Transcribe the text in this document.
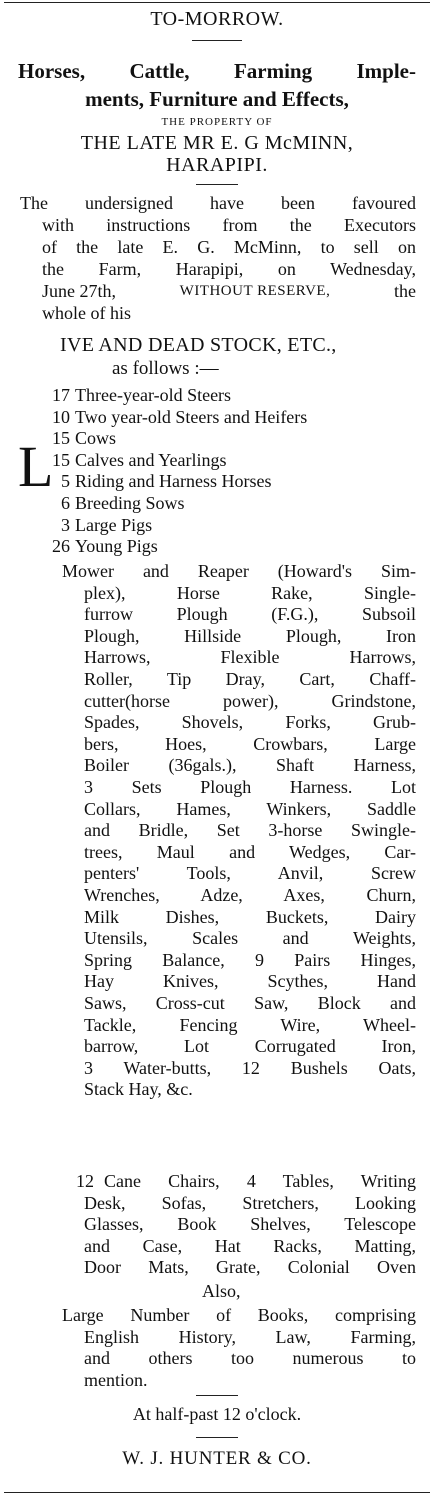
TO-MORROW.
Horses, Cattle, Farming Imple-
ments, Furniture and Effects,
THE PROPERTY OF
THE LATE MR E. G McMINN,
HARAPIPI.
The undersigned have been favoured
with instructions from the Executors
of the late E. G. McMinn, to sell on
the Farm, Harapipi, on Wednesday,
June 27th,	WITHOUT RESERVE,	the
whole of his
L
IVE AND DEAD STOCK, ETC.,
as follows :—
17 Three-year-old Steers
10 Two year-old Steers and Heifers
15 Cows
15 Calves and Yearlings
5 Riding and Harness Horses
6 Breeding Sows
3 Large Pigs
26 Young Pigs
Mower and Reaper (Howard's Sim-
plex), Horse Rake, Single-
furrow Plough (F.G.), Subsoil
Plough, Hillside Plough, Iron
Harrows, Flexible Harrows,
Roller, Tip Dray, Cart, Chaff-
cutter(horse power), Grindstone,
Spades, Shovels, Forks, Grub-
bers, Hoes, Crowbars, Large
Boiler (36gals.), Shaft Harness,
3 Sets Plough Harness. Lot
Collars, Hames, Winkers, Saddle
and Bridle, Set 3-horse Swingle-
trees, Maul and Wedges, Car-
penters' Tools, Anvil, Screw
Wrenches, Adze, Axes, Churn,
Milk Dishes, Buckets, Dairy
Utensils, Scales and Weights,
Spring Balance, 9 Pairs Hinges,
Hay Knives, Scythes, Hand
Saws, Cross-cut Saw, Block and
Tackle, Fencing Wire, Wheel-
barrow, Lot Corrugated Iron,
3 Water-butts, 12 Bushels Oats,
Stack Hay, &c.
12 Cane Chairs, 4 Tables, Writing
Desk, Sofas, Stretchers, Looking
Glasses, Book Shelves, Telescope
and Case, Hat Racks, Matting,
Door Mats, Grate, Colonial Oven
Also,
Large Number of Books, comprising
English History, Law, Farming,
and others too numerous to
mention.
At half-past 12 o'clock.
W. J. HUNTER & CO.
